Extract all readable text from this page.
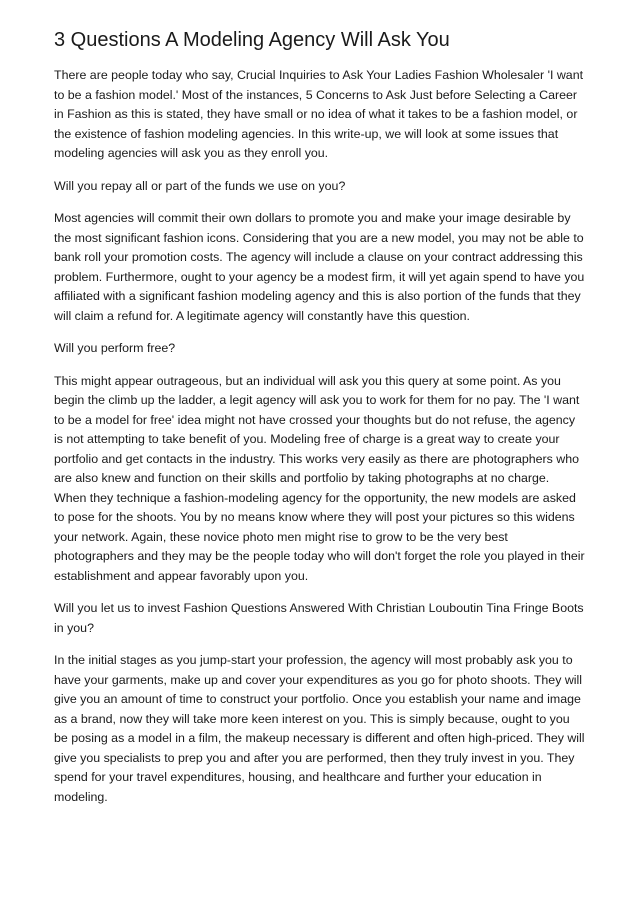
3 Questions A Modeling Agency Will Ask You

There are people today who say, Crucial Inquiries to Ask Your Ladies Fashion Wholesaler 'I want to be a fashion model.' Most of the instances, 5 Concerns to Ask Just before Selecting a Career in Fashion as this is stated, they have small or no idea of what it takes to be a fashion model, or the existence of fashion modeling agencies. In this write-up, we will look at some issues that modeling agencies will ask you as they enroll you.

Will you repay all or part of the funds we use on you?

Most agencies will commit their own dollars to promote you and make your image desirable by the most significant fashion icons. Considering that you are a new model, you may not be able to bank roll your promotion costs. The agency will include a clause on your contract addressing this problem. Furthermore, ought to your agency be a modest firm, it will yet again spend to have you affiliated with a significant fashion modeling agency and this is also portion of the funds that they will claim a refund for. A legitimate agency will constantly have this question.

Will you perform free?

This might appear outrageous, but an individual will ask you this query at some point. As you begin the climb up the ladder, a legit agency will ask you to work for them for no pay. The 'I want to be a model for free' idea might not have crossed your thoughts but do not refuse, the agency is not attempting to take benefit of you. Modeling free of charge is a great way to create your portfolio and get contacts in the industry. This works very easily as there are photographers who are also knew and function on their skills and portfolio by taking photographs at no charge. When they technique a fashion-modeling agency for the opportunity, the new models are asked to pose for the shoots. You by no means know where they will post your pictures so this widens your network. Again, these novice photo men might rise to grow to be the very best photographers and they may be the people today who will don't forget the role you played in their establishment and appear favorably upon you.

Will you let us to invest Fashion Questions Answered With Christian Louboutin Tina Fringe Boots in you?

In the initial stages as you jump-start your profession, the agency will most probably ask you to have your garments, make up and cover your expenditures as you go for photo shoots. They will give you an amount of time to construct your portfolio. Once you establish your name and image as a brand, now they will take more keen interest on you. This is simply because, ought to you be posing as a model in a film, the makeup necessary is different and often high-priced. They will give you specialists to prep you and after you are performed, then they truly invest in you. They spend for your travel expenditures, housing, and healthcare and further your education in modeling.
